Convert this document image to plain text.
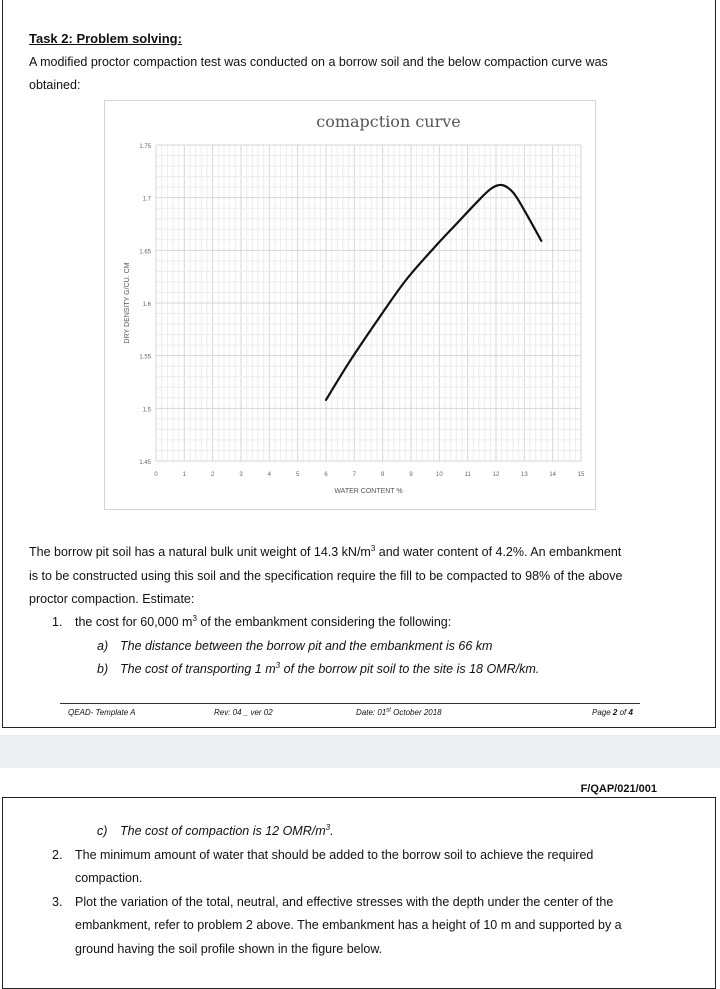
Task 2: Problem solving:
A modified proctor compaction test was conducted on a borrow soil and the below compaction curve was
obtained:
comapction curve
1.45
1.5
1.55
1.6
1.65
1.7
1.75
0	1	2	3	4	5	6	7	8	9	10	11	12	13	14	15
WATER CONTENT %
DRY DENSITY G/CU. CM
The borrow pit soil has a natural bulk unit weight of 14.3 $kN/m^3$ and water content of 4.2%. An embankment
is to be constructed using this soil and the specification require the fill to be compacted to 98% of the above
proctor compaction. Estimate:
1. the cost for 60,000 $m^3$ of the embankment considering the following:
a) The distance between the borrow pit and the embankment is 66 km
b) The cost of transporting 1 $m^3$ of the borrow pit soil to the site is 18 OMR/km.
QEAD- Template A	Rev: 04 _ ver 02	Date: 01st October 2018	Page 2 of 4
F/QAP/021/001
c) The cost of compaction is 12 OMR/$m^3$.
2. The minimum amount of water that should be added to the borrow soil to achieve the required
compaction.
3. Plot the variation of the total, neutral, and effective stresses with the depth under the center of the
embankment, refer to problem 2 above. The embankment has a height of 10 m and supported by a
ground having the soil profile shown in the figure below.
